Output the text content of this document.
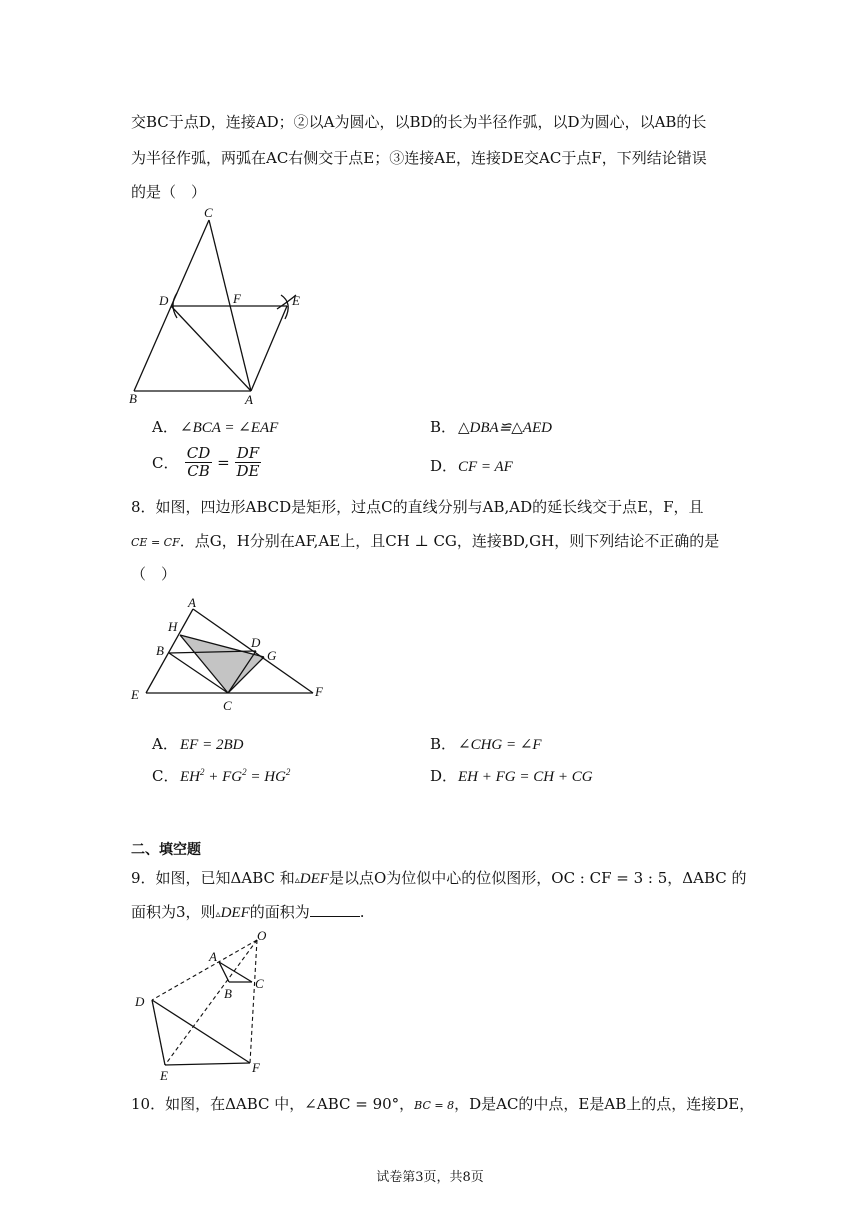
交BC于点D，连接AD；②以A为圆心，以BD的长为半径作弧，以D为圆心，以AB的长
为半径作弧，两弧在AC右侧交于点E；③连接AE，连接DE交AC于点F，下列结论错误
的是（　）
C
D	F	E
B	A
A． ∠BCA = ∠EAF	B． △DBA≌△AED
C． $\frac{CD}{CB} = \frac{DF}{DE}$	D．CF = AF
8．如图，四边形ABCD是矩形，过点C的直线分别与AB,AD的延长线交于点E，F，且
CE = CF．点G，H分别在AF,AE上，且CH ⊥ CG，连接BD,GH，则下列结论不正确的是
（　）
A
H
D
B	G
E
C
F
A． EF = 2BD	B． ∠CHG = ∠F
C． $EH^2 + FG^2 = HG^2$	D．EH + FG = CH + CG
二、填空题
9．如图，已知ΔABC 和▵DEF是以点O为位似中心的位似图形，OC : CF = 3 : 5，ΔABC 的
面积为3，则▵DEF的面积为	.
O
A
B
C
D
E
F
10．如图，在ΔABC 中，∠ABC = 90°，BC = 8，D是AC的中点，E是AB上的点，连接DE，
试卷第3页，共8页
